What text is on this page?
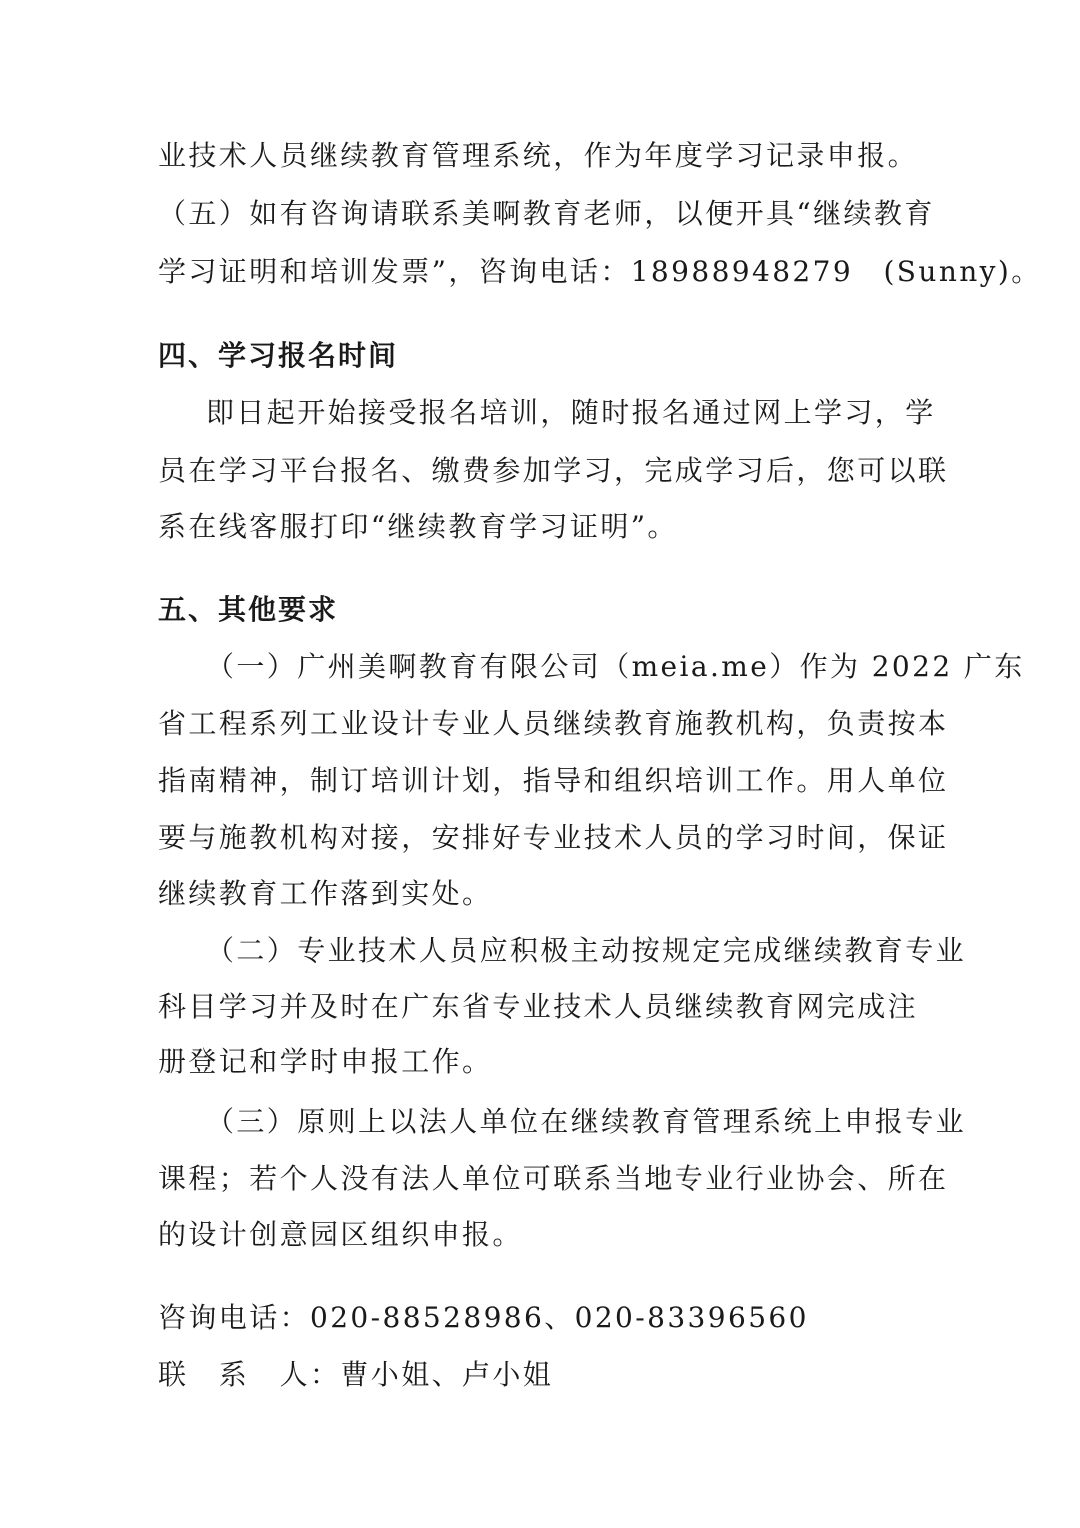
业技术人员继续教育管理系统，作为年度学习记录申报。
（五）如有咨询请联系美啊教育老师，以便开具“继续教育
学习证明和培训发票”，咨询电话：18988948279　(Sunny)。
四、学习报名时间
即日起开始接受报名培训，随时报名通过网上学习，学
员在学习平台报名、缴费参加学习，完成学习后，您可以联
系在线客服打印“继续教育学习证明”。
五、其他要求
（一）广州美啊教育有限公司（meia.me）作为 2022 广东
省工程系列工业设计专业人员继续教育施教机构，负责按本
指南精神，制订培训计划，指导和组织培训工作。用人单位
要与施教机构对接，安排好专业技术人员的学习时间，保证
继续教育工作落到实处。
（二）专业技术人员应积极主动按规定完成继续教育专业
科目学习并及时在广东省专业技术人员继续教育网完成注
册登记和学时申报工作。
（三）原则上以法人单位在继续教育管理系统上申报专业
课程；若个人没有法人单位可联系当地专业行业协会、所在
的设计创意园区组织申报。
咨询电话：020-88528986、020-83396560
联　系　人：曹小姐、卢小姐
